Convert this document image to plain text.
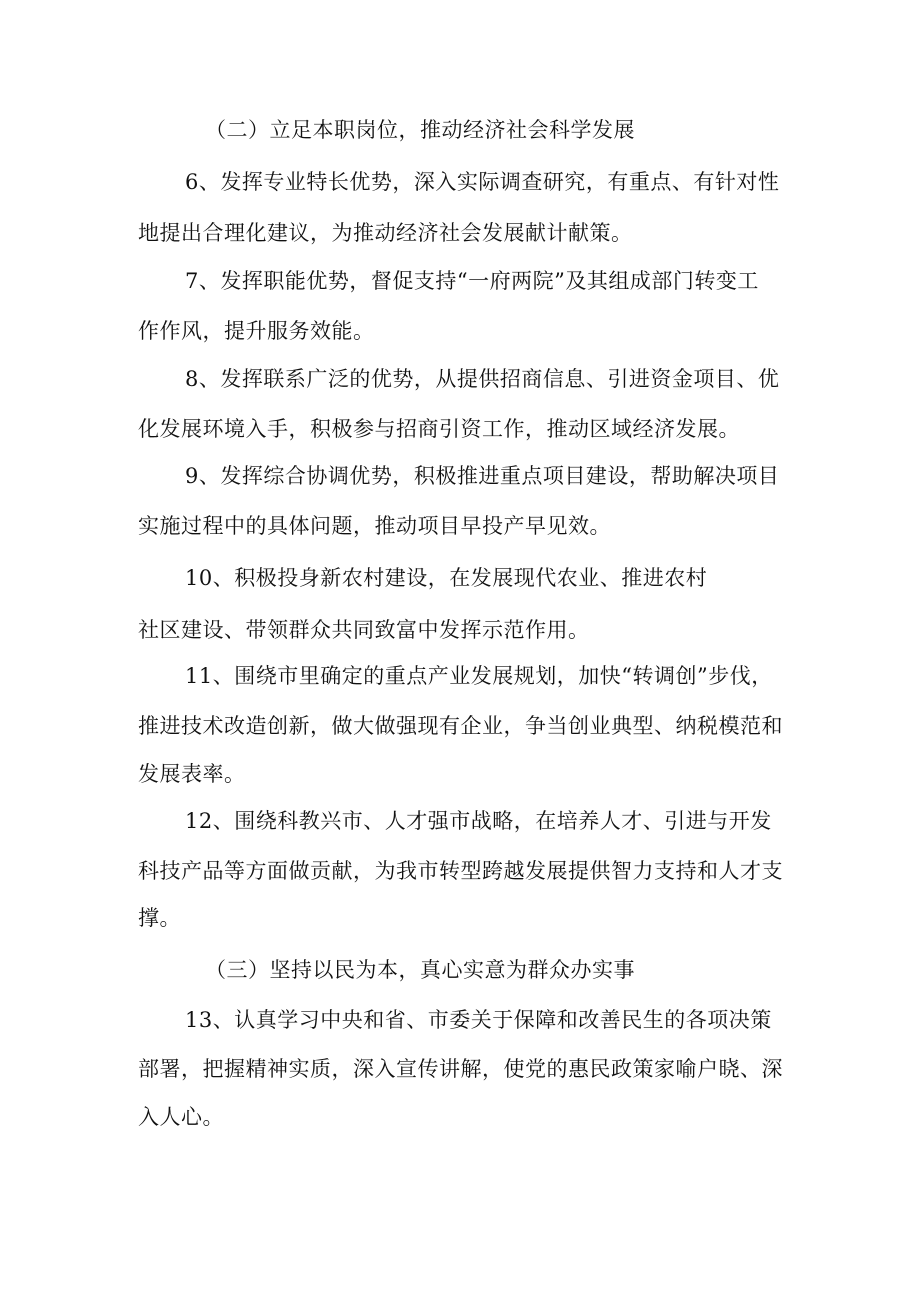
（二）立足本职岗位，推动经济社会科学发展
6、发挥专业特长优势，深入实际调查研究，有重点、有针对性
地提出合理化建议，为推动经济社会发展献计献策。
7、发挥职能优势，督促支持“一府两院”及其组成部门转变工
作作风，提升服务效能。
8、发挥联系广泛的优势，从提供招商信息、引进资金项目、优
化发展环境入手，积极参与招商引资工作，推动区域经济发展。
9、发挥综合协调优势，积极推进重点项目建设，帮助解决项目
实施过程中的具体问题，推动项目早投产早见效。
10、积极投身新农村建设，在发展现代农业、推进农村
社区建设、带领群众共同致富中发挥示范作用。
11、围绕市里确定的重点产业发展规划，加快“转调创”步伐，
推进技术改造创新，做大做强现有企业，争当创业典型、纳税模范和
发展表率。
12、围绕科教兴市、人才强市战略，在培养人才、引进与开发
科技产品等方面做贡献，为我市转型跨越发展提供智力支持和人才支
撑。
（三）坚持以民为本，真心实意为群众办实事
13、认真学习中央和省、市委关于保障和改善民生的各项决策
部署，把握精神实质，深入宣传讲解，使党的惠民政策家喻户晓、深
入人心。
